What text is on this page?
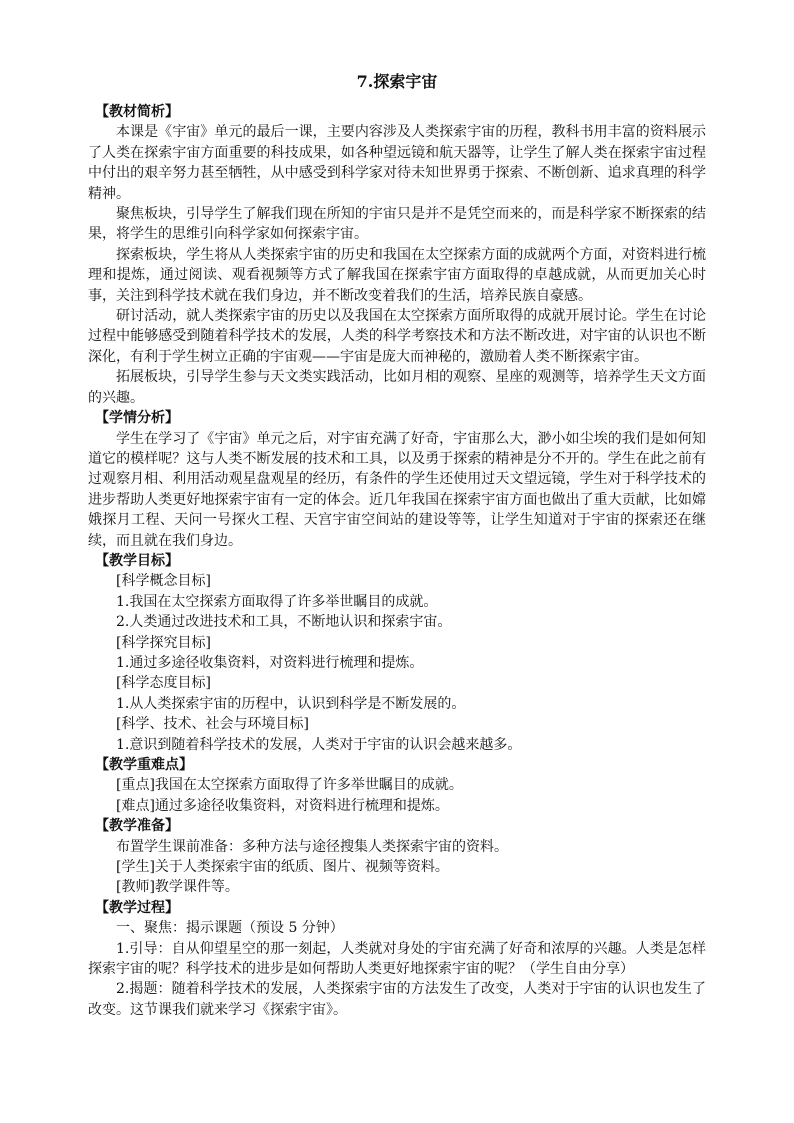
7.探索宇宙
【教材简析】

本课是《宇宙》单元的最后一课，主要内容涉及人类探索宇宙的历程，教科书用丰富的资料展示了人类在探索宇宙方面重要的科技成果，如各种望远镜和航天器等，让学生了解人类在探索宇宙过程中付出的艰辛努力甚至牺牲，从中感受到科学家对待未知世界勇于探索、不断创新、追求真理的科学精神。

聚焦板块，引导学生了解我们现在所知的宇宙只是并不是凭空而来的，而是科学家不断探索的结果，将学生的思维引向科学家如何探索宇宙。

探索板块，学生将从人类探索宇宙的历史和我国在太空探索方面的成就两个方面，对资料进行梳理和提炼，通过阅读、观看视频等方式了解我国在探索宇宙方面取得的卓越成就，从而更加关心时事，关注到科学技术就在我们身边，并不断改变着我们的生活，培养民族自豪感。

研讨活动，就人类探索宇宙的历史以及我国在太空探索方面所取得的成就开展讨论。学生在讨论过程中能够感受到随着科学技术的发展，人类的科学考察技术和方法不断改进，对宇宙的认识也不断深化，有利于学生树立正确的宇宙观——宇宙是庞大而神秘的，激励着人类不断探索宇宙。

拓展板块，引导学生参与天文类实践活动，比如月相的观察、星座的观测等，培养学生天文方面的兴趣。

【学情分析】

学生在学习了《宇宙》单元之后，对宇宙充满了好奇，宇宙那么大，渺小如尘埃的我们是如何知道它的模样呢？这与人类不断发展的技术和工具，以及勇于探索的精神是分不开的。学生在此之前有过观察月相、利用活动观星盘观星的经历，有条件的学生还使用过天文望远镜，学生对于科学技术的进步帮助人类更好地探索宇宙有一定的体会。近几年我国在探索宇宙方面也做出了重大贡献，比如嫦娥探月工程、天问一号探火工程、天宫宇宙空间站的建设等等，让学生知道对于宇宙的探索还在继续，而且就在我们身边。

【教学目标】
[科学概念目标]
1.我国在太空探索方面取得了许多举世瞩目的成就。
2.人类通过改进技术和工具，不断地认识和探索宇宙。
[科学探究目标]
1.通过多途径收集资料，对资料进行梳理和提炼。
[科学态度目标]
1.从人类探索宇宙的历程中，认识到科学是不断发展的。
[科学、技术、社会与环境目标]
1.意识到随着科学技术的发展，人类对于宇宙的认识会越来越多。
【教学重难点】
[重点]我国在太空探索方面取得了许多举世瞩目的成就。
[难点]通过多途径收集资料，对资料进行梳理和提炼。
【教学准备】
布置学生课前准备：多种方法与途径搜集人类探索宇宙的资料。
[学生]关于人类探索宇宙的纸质、图片、视频等资料。
[教师]教学课件等。
【教学过程】
一、聚焦：揭示课题（预设 5 分钟）

1.引导：自从仰望星空的那一刻起，人类就对身处的宇宙充满了好奇和浓厚的兴趣。人类是怎样探索宇宙的呢？科学技术的进步是如何帮助人类更好地探索宇宙的呢？（学生自由分享）

2.揭题：随着科学技术的发展，人类探索宇宙的方法发生了改变，人类对于宇宙的认识也发生了改变。这节课我们就来学习《探索宇宙》。
